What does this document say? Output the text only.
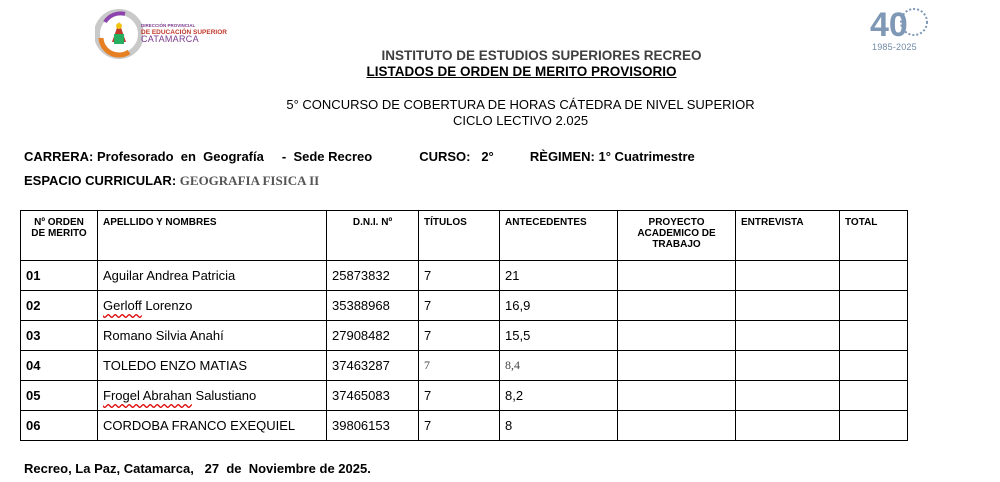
DIRECCIÓN PROVINCIAL
DE EDUCACIÓN SUPERIOR
CATAMARCA	40
1985-2025
INSTITUTO DE ESTUDIOS SUPERIORES RECREO
LISTADOS DE ORDEN DE MERITO PROVISORIO
5° CONCURSO DE COBERTURA DE HORAS CÁTEDRA DE NIVEL SUPERIOR
CICLO LECTIVO 2.025
CARRERA: Profesorado  en  Geografía -  Sede Recreo	CURSO: 2°	RÈGIMEN: 1° Cuatrimestre
ESPACIO CURRICULAR: GEOGRAFIA FISICA II
Nº ORDEN DE MERITO	APELLIDO Y NOMBRES	D.N.I. Nº	TÍTULOS	ANTECEDENTES	PROYECTO ACADEMICO DE TRABAJO	ENTREVISTA	TOTAL
01	Aguilar Andrea Patricia	25873832	7	21			
02	Gerloff Lorenzo	35388968	7	16,9			
03	Romano Silvia Anahí	27908482	7	15,5			
04	TOLEDO ENZO MATIAS	37463287	7	8,4			
05	Frogel Abrahan Salustiano	37465083	7	8,2			
06	CORDOBA FRANCO EXEQUIEL	39806153	7	8			
Recreo, La Paz, Catamarca,   27  de  Noviembre de 2025.
